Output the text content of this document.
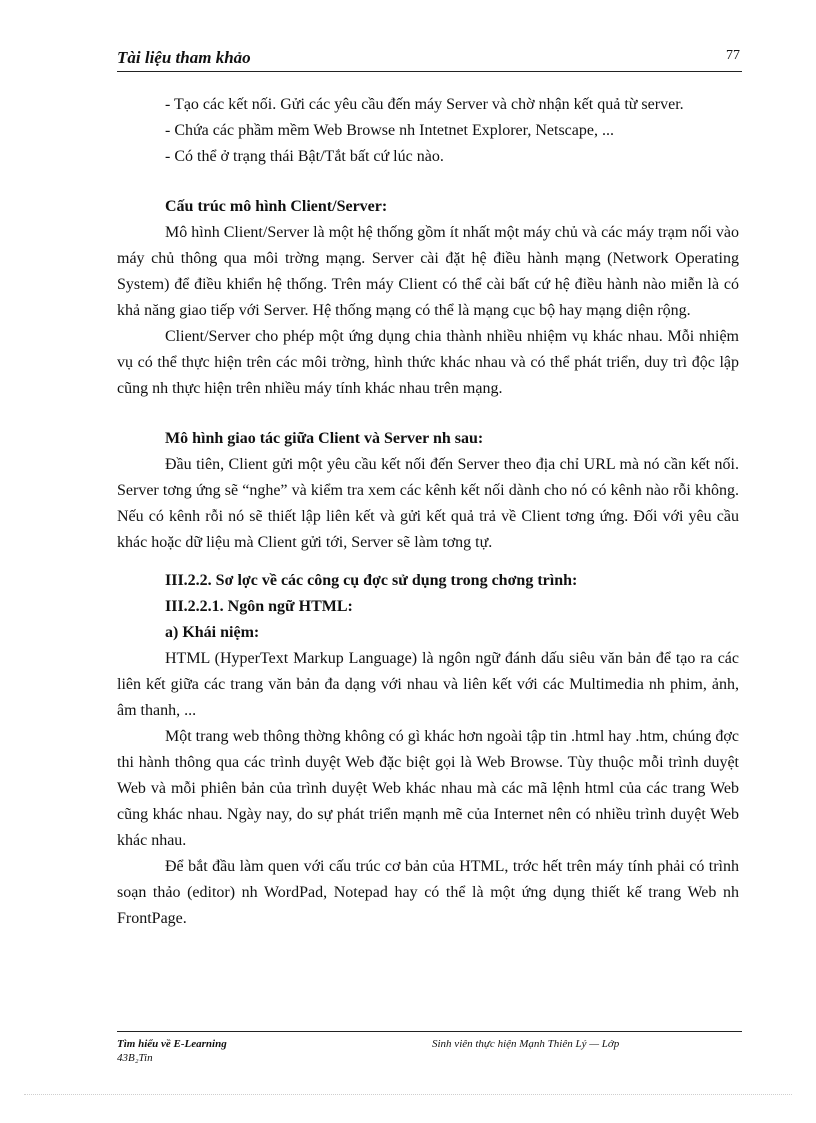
Tài liệu tham khảo	77

- Tạo các kết nối. Gửi các yêu cầu đến máy Server và chờ nhận kết quả từ server.

- Chứa các phầm mềm Web Browse nh Intetnet Explorer, Netscape, ...

- Có thể ở trạng thái Bật/Tắt bất cứ lúc nào.

Cấu trúc mô hình Client/Server:

Mô hình Client/Server là một hệ thống gồm ít nhất một máy chủ và các máy trạm nối vào máy chủ thông qua môi trờng mạng. Server cài đặt hệ điều hành mạng (Network Operating System) để điều khiển hệ thống. Trên máy Client có thể cài bất cứ hệ điều hành nào miễn là có khả năng giao tiếp với Server. Hệ thống mạng có thể là mạng cục bộ hay mạng diện rộng.

Client/Server cho phép một ứng dụng chia thành nhiều nhiệm vụ khác nhau. Mỗi nhiệm vụ có thể thực hiện trên các môi trờng, hình thức khác nhau và có thể phát triển, duy trì độc lập cũng nh thực hiện trên nhiều máy tính khác nhau trên mạng.

Mô hình giao tác giữa Client và Server nh sau:

Đầu tiên, Client gửi một yêu cầu kết nối đến Server theo địa chỉ URL mà nó cần kết nối. Server tơng ứng sẽ “nghe” và kiểm tra xem các kênh kết nối dành cho nó có kênh nào rỗi không. Nếu có kênh rỗi nó sẽ thiết lập liên kết và gửi kết quả trả về Client tơng ứng. Đối với yêu cầu khác hoặc dữ liệu mà Client gửi tới, Server sẽ làm tơng tự.

III.2.2. Sơ lợc về các công cụ đợc sử dụng trong chơng trình:

III.2.2.1. Ngôn ngữ HTML:

a) Khái niệm:

HTML (HyperText Markup Language) là ngôn ngữ đánh dấu siêu văn bản để tạo ra các liên kết giữa các trang văn bản đa dạng với nhau và liên kết với các Multimedia nh phim, ảnh, âm thanh, ...

Một trang web thông thờng không có gì khác hơn ngoài tập tin .html hay .htm, chúng đợc thi hành thông qua các trình duyệt Web đặc biệt gọi là Web Browse. Tùy thuộc mỗi trình duyệt Web và mỗi phiên bản của trình duyệt Web khác nhau mà các mã lệnh html của các trang Web cũng khác nhau. Ngày nay, do sự phát triển mạnh mẽ của Internet nên có nhiều trình duyệt Web khác nhau.

Để bắt đầu làm quen với cấu trúc cơ bản của HTML, trớc hết trên máy tính phải có trình soạn thảo (editor) nh WordPad, Notepad hay có thể là một ứng dụng thiết kế trang Web nh FrontPage.

Tìm hiểu về E-Learning
43B₂Tin
Sinh viên thực hiện Mạnh Thiên Lý — Lớp
